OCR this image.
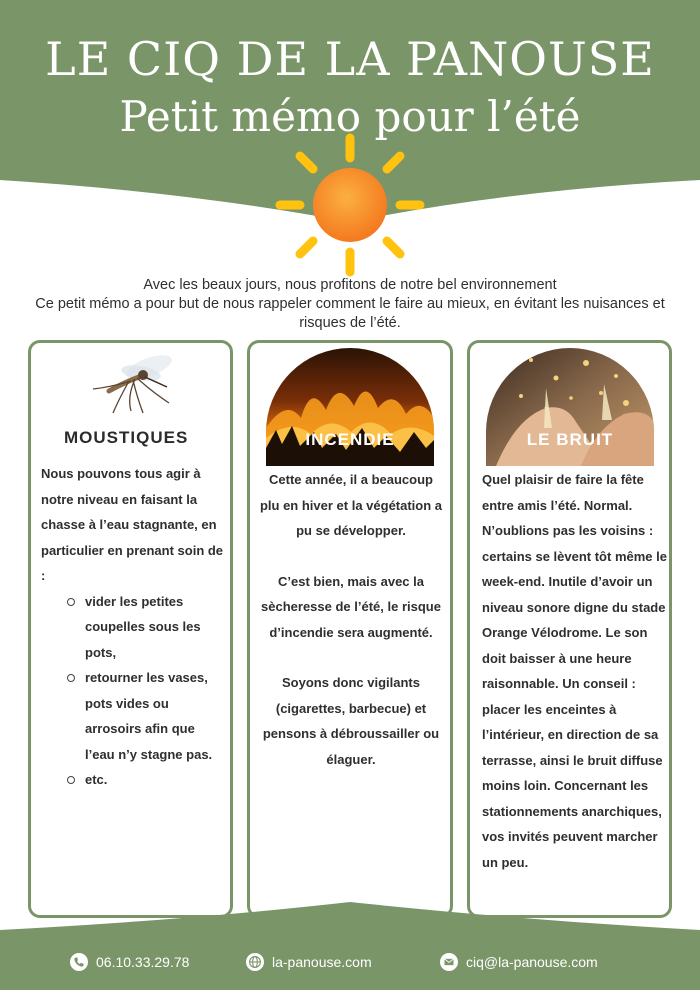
LE CIQ DE LA PANOUSE
Petit mémo pour l’été
Avec les beaux jours, nous profitons de notre bel environnement
Ce petit mémo a pour but de nous rappeler comment le faire au mieux, en évitant les nuisances et risques de l’été.
MOUSTIQUES
Nous pouvons tous agir à notre niveau en faisant la chasse à l’eau stagnante, en particulier en prenant soin de :
vider les petites coupelles sous les pots,
retourner les vases, pots vides ou arrosoirs afin que l’eau n’y stagne pas.
etc.
INCENDIE
Cette année, il a beaucoup plu en hiver et la végétation a pu se développer.
C’est bien, mais avec la sècheresse de l’été, le risque d’incendie sera augmenté.
Soyons donc vigilants (cigarettes, barbecue) et pensons à débroussailler ou élaguer.
LE BRUIT
Quel plaisir de faire la fête entre amis l’été. Normal. N’oublions pas les voisins : certains se lèvent tôt même le week-end. Inutile d’avoir un niveau sonore digne du stade Orange Vélodrome. Le son doit baisser à une heure raisonnable. Un conseil : placer les enceintes à l’intérieur, en direction de sa terrasse, ainsi le bruit diffuse moins loin. Concernant les stationnements anarchiques, vos invités peuvent marcher un peu.
06.10.33.29.78	la-panouse.com	ciq@la-panouse.com
